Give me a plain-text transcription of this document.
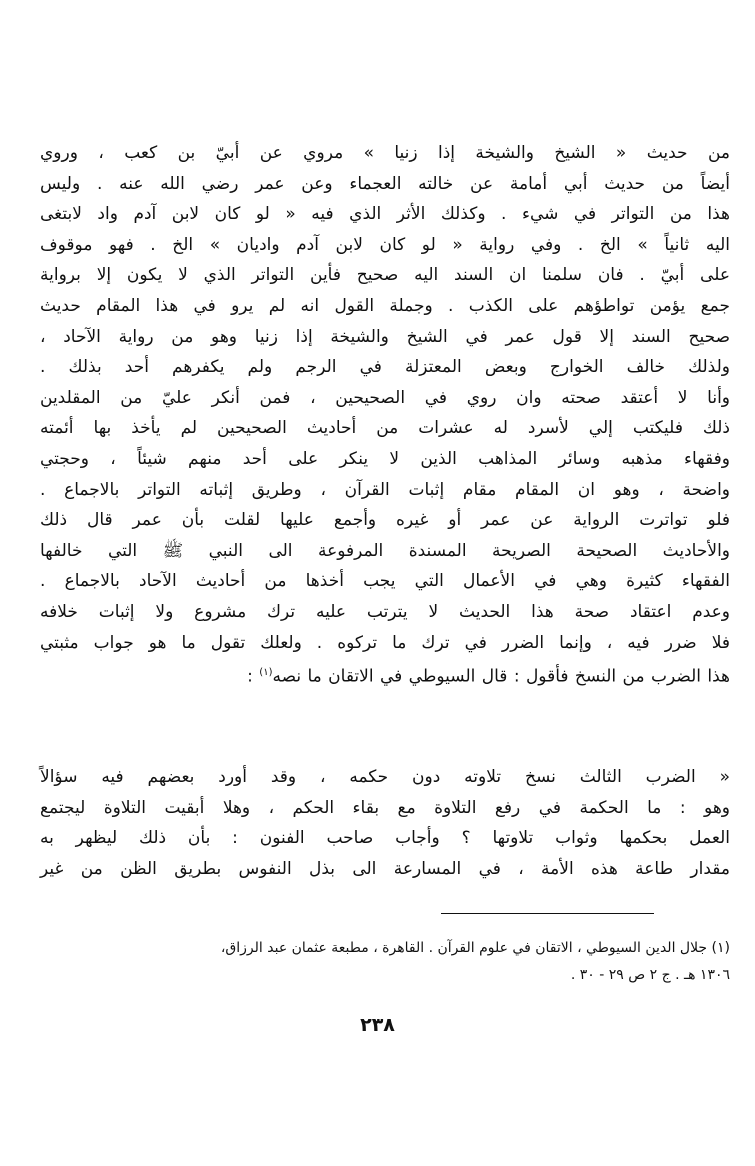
من حديث « الشيخ والشيخة إذا زنيا » مروي عن أبيّ بن كعب ، وروي
أيضاً من حديث أبي أمامة عن خالته العجماء وعن عمر رضي الله عنه . وليس
هذا من التواتر في شيء . وكذلك الأثر الذي فيه « لو كان لابن آدم واد لابتغى
اليه ثانياً » الخ . وفي رواية « لو كان لابن آدم واديان » الخ . فهو موقوف
على أبيّ . فان سلمنا ان السند اليه صحيح فأين التواتر الذي لا يكون إلا برواية
جمع يؤمن تواطؤهم على الكذب . وجملة القول انه لم يرو في هذا المقام حديث
صحيح السند إلا قول عمر في الشيخ والشيخة إذا زنيا وهو من رواية الآحاد ،
ولذلك خالف الخوارج وبعض المعتزلة في الرجم ولم يكفرهم أحد بذلك .
وأنا لا أعتقد صحته وان روي في الصحيحين ، فمن أنكر عليّ من المقلدين
ذلك فليكتب إلي لأسرد له عشرات من أحاديث الصحيحين لم يأخذ بها أئمته
وفقهاء مذهبه وسائر المذاهب الذين لا ينكر على أحد منهم شيئاً ، وحجتي
واضحة ، وهو ان المقام مقام إثبات القرآن ، وطريق إثباته التواتر بالاجماع .
فلو تواترت الرواية عن عمر أو غيره وأجمع عليها لقلت بأن عمر قال ذلك
والأحاديث الصحيحة الصريحة المسندة المرفوعة الى النبي ﷺ التي خالفها
الفقهاء كثيرة وهي في الأعمال التي يجب أخذها من أحاديث الآحاد بالاجماع .
وعدم اعتقاد صحة هذا الحديث لا يترتب عليه ترك مشروع ولا إثبات خلافه
فلا ضرر فيه ، وإنما الضرر في ترك ما تركوه . ولعلك تقول ما هو جواب مثبتي
هذا الضرب من النسخ فأقول : قال السيوطي في الاتقان ما نصه$^{(١)}$ :
« الضرب الثالث نسخ تلاوته دون حكمه ، وقد أورد بعضهم فيه سؤالاً
وهو : ما الحكمة في رفع التلاوة مع بقاء الحكم ، وهلا أبقيت التلاوة ليجتمع
العمل بحكمها وثواب تلاوتها ؟ وأجاب صاحب الفنون : بأن ذلك ليظهر به
مقدار طاعة هذه الأمة ، في المسارعة الى بذل النفوس بطريق الظن من غير
(١) جلال الدين السيوطي ، الاتقان في علوم القرآن . القاهرة ، مطبعة عثمان عبد الرزاق،
١٣٠٦ هـ . ج ٢ ص ٢٩ - ٣٠ .
٢٣٨
